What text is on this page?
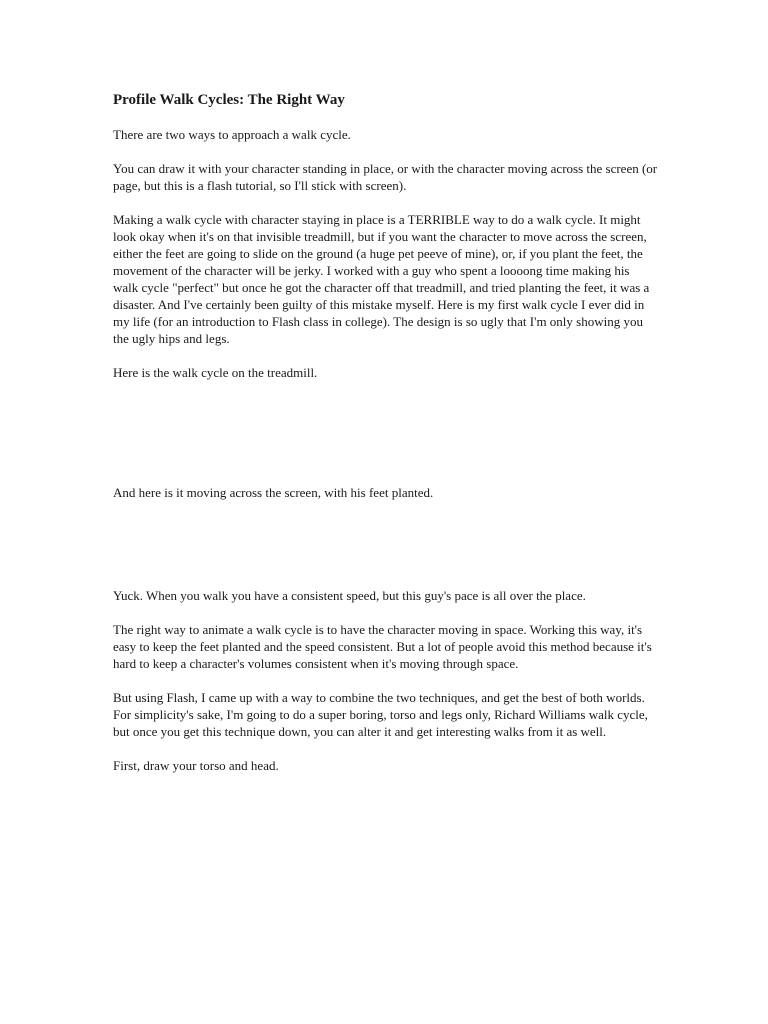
Profile Walk Cycles: The Right Way

There are two ways to approach a walk cycle.

You can draw it with your character standing in place, or with the character moving across the screen (or page, but this is a flash tutorial, so I'll stick with screen).

Making a walk cycle with character staying in place is a TERRIBLE way to do a walk cycle. It might look okay when it's on that invisible treadmill, but if you want the character to move across the screen, either the feet are going to slide on the ground (a huge pet peeve of mine), or, if you plant the feet, the movement of the character will be jerky. I worked with a guy who spent a loooong time making his walk cycle "perfect" but once he got the character off that treadmill, and tried planting the feet, it was a disaster. And I've certainly been guilty of this mistake myself. Here is my first walk cycle I ever did in my life (for an introduction to Flash class in college). The design is so ugly that I'm only showing you the ugly hips and legs.

Here is the walk cycle on the treadmill.

And here is it moving across the screen, with his feet planted.

Yuck. When you walk you have a consistent speed, but this guy's pace is all over the place.

The right way to animate a walk cycle is to have the character moving in space. Working this way, it's easy to keep the feet planted and the speed consistent. But a lot of people avoid this method because it's hard to keep a character's volumes consistent when it's moving through space.

But using Flash, I came up with a way to combine the two techniques, and get the best of both worlds. For simplicity's sake, I'm going to do a super boring, torso and legs only, Richard Williams walk cycle, but once you get this technique down, you can alter it and get interesting walks from it as well.

First, draw your torso and head.
